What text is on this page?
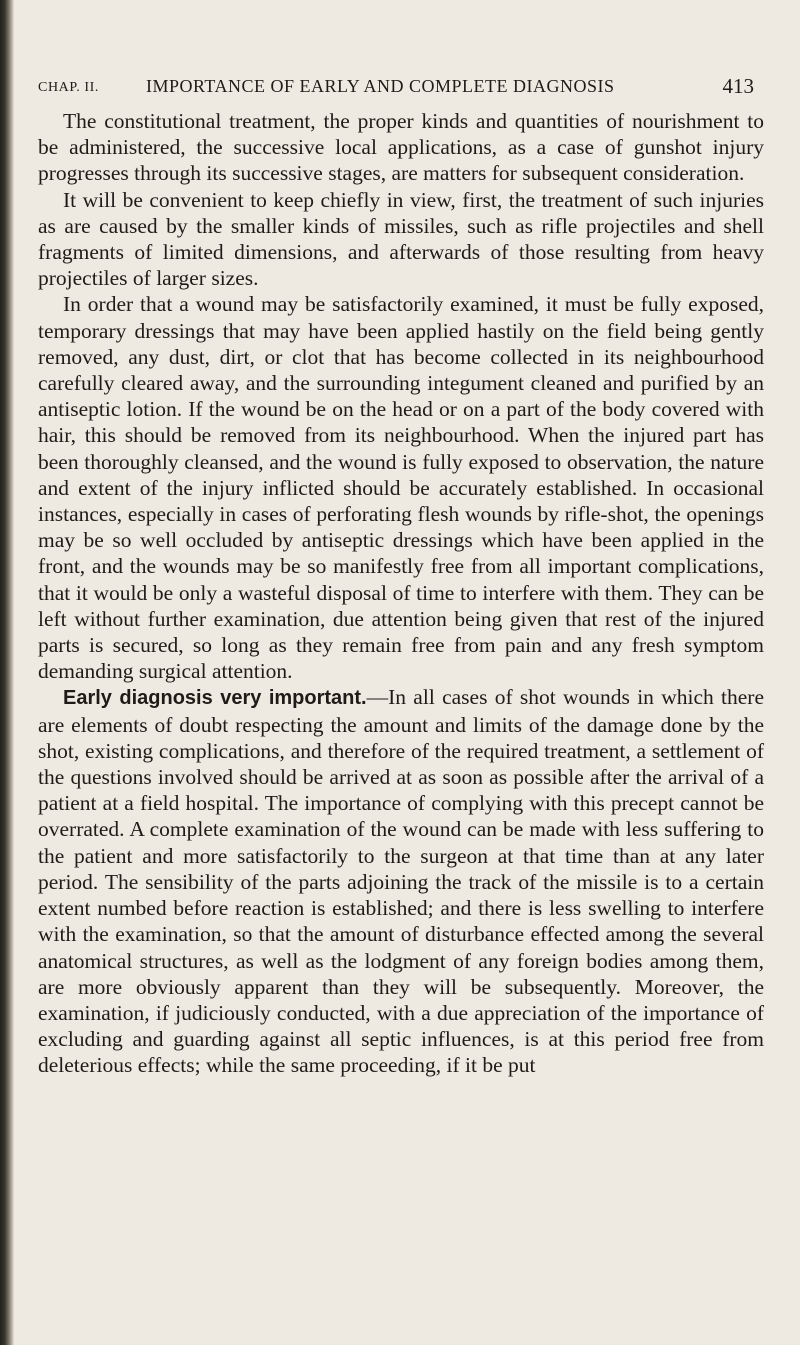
CHAP. II.	IMPORTANCE OF EARLY AND COMPLETE DIAGNOSIS	413

The constitutional treatment, the proper kinds and quantities of nourishment to be administered, the successive local applications, as a case of gunshot injury progresses through its successive stages, are matters for subsequent consideration.

It will be convenient to keep chiefly in view, first, the treatment of such injuries as are caused by the smaller kinds of missiles, such as rifle projectiles and shell fragments of limited dimensions, and afterwards of those resulting from heavy projectiles of larger sizes.

In order that a wound may be satisfactorily examined, it must be fully exposed, temporary dressings that may have been applied hastily on the field being gently removed, any dust, dirt, or clot that has become collected in its neighbourhood carefully cleared away, and the surrounding integument cleaned and purified by an antiseptic lotion. If the wound be on the head or on a part of the body covered with hair, this should be removed from its neighbourhood. When the injured part has been thoroughly cleansed, and the wound is fully exposed to observation, the nature and extent of the injury inflicted should be accurately established. In occasional instances, especially in cases of perforating flesh wounds by rifle-shot, the openings may be so well occluded by antiseptic dressings which have been applied in the front, and the wounds may be so manifestly free from all important complications, that it would be only a wasteful disposal of time to interfere with them. They can be left without further examination, due attention being given that rest of the injured parts is secured, so long as they remain free from pain and any fresh symptom demanding surgical attention.

Early diagnosis very important.—In all cases of shot wounds in which there are elements of doubt respecting the amount and limits of the damage done by the shot, existing complications, and therefore of the required treatment, a settlement of the questions involved should be arrived at as soon as possible after the arrival of a patient at a field hospital. The importance of complying with this precept cannot be overrated. A complete examination of the wound can be made with less suffering to the patient and more satisfactorily to the surgeon at that time than at any later period. The sensibility of the parts adjoining the track of the missile is to a certain extent numbed before reaction is established; and there is less swelling to interfere with the examination, so that the amount of disturbance effected among the several anatomical structures, as well as the lodgment of any foreign bodies among them, are more obviously apparent than they will be subsequently. Moreover, the examination, if judiciously conducted, with a due appreciation of the importance of excluding and guarding against all septic influences, is at this period free from deleterious effects; while the same proceeding, if it be put
